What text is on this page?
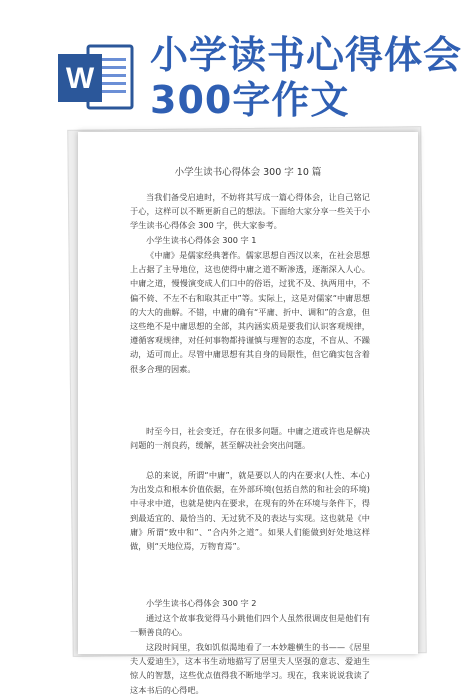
W
小学读书心得体会
300字作文
小学生读书心得体会 300 字 10 篇

当我们备受启迪时，不妨将其写成一篇心得体会，让自己铭记于心，这样可以不断更新自己的想法。下面给大家分享一些关于小学生读书心得体会 300 字，供大家参考。

小学生读书心得体会 300 字 1

《中庸》是儒家经典著作。儒家思想自西汉以来，在社会思想上占据了主导地位，这也使得中庸之道不断渗透，逐渐深入人心。中庸之道，慢慢演变成人们口中的俗语，过犹不及、执两用中，不偏不倚、不左不右和取其正中”等。实际上，这是对儒家“中庸思想的大大的曲解。不错，中庸的确有“平庸、折中、调和”的含意，但这些绝不是中庸思想的全部，其内涵实质是要我们认识客观规律，遵循客观规律，对任何事物都持谨慎与理智的态度，不盲从、不躁动，适可而止。尽管中庸思想有其自身的局限性，但它确实包含着很多合理的因素。

时至今日，社会变迁，存在很多问题。中庸之道或许也是解决问题的一剂良药，缓解，甚至解决社会突出问题。

总的来说，所谓“中庸”，就是要以人的内在要求(人性、本心)为出发点和根本价值依据，在外部环境(包括自然的和社会的环境)中寻求中道，也就是使内在要求，在现有的外在环境与条件下，得到最适宜的、最恰当的、无过犹不及的表达与实现。这也就是《中庸》所谓“致中和”、“合内外之道”。如果人们能做到好处地这样做，则“天地位焉，万物育焉”。

小学生读书心得体会 300 字 2

通过这个故事我觉得马小跳他们四个人虽然很调皮但是他们有一颗善良的心。

这段时间里，我如饥似渴地看了一本妙趣横生的书——《居里夫人爱迪生》，这本书生动地描写了居里夫人坚强的意志、爱迪生惊人的智慧，这些优点值得我不断地学习。现在，我来说说我读了这本书后的心得吧。
